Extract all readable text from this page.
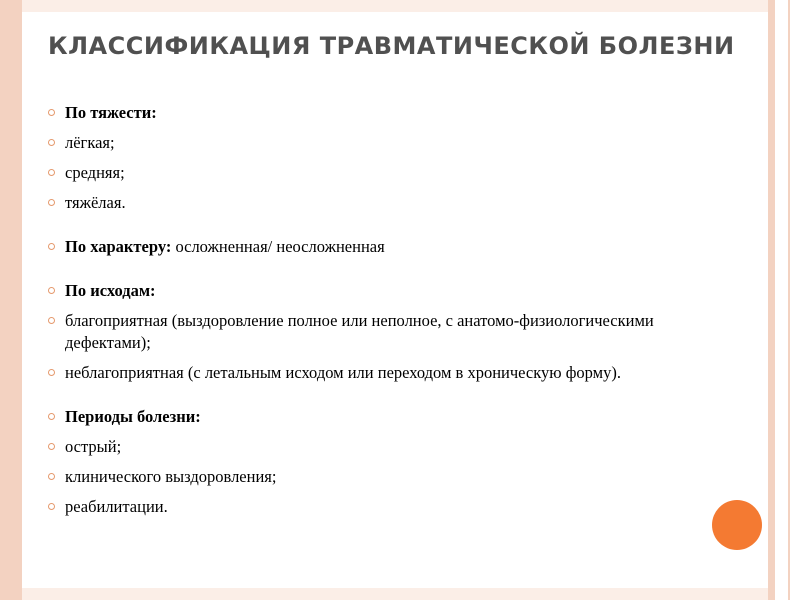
КЛАССИФИКАЦИЯ ТРАВМАТИЧЕСКОЙ БОЛЕЗНИ
По тяжести:
лёгкая;
средняя;
тяжёлая.
По характеру: осложненная/ неосложненная
По исходам:
благоприятная (выздоровление полное или неполное, с анатомо-физиологическими дефектами);
неблагоприятная (с летальным исходом или переходом в хроническую форму).
Периоды болезни:
острый;
клинического выздоровления;
реабилитации.
